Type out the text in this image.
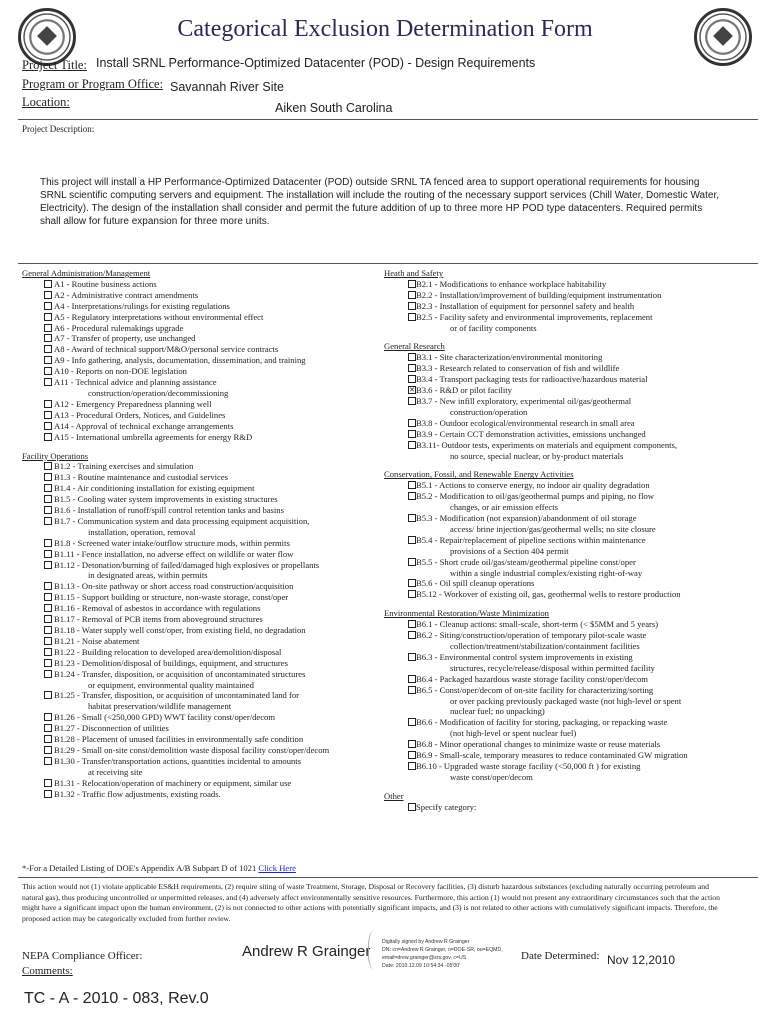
Categorical Exclusion Determination Form
Project Title: Install SRNL Performance-Optimized Datacenter (POD) - Design Requirements
Program or Program Office: Savannah River Site
Location:	Aiken South Carolina
Project Description:
This project will install a HP Performance-Optimized Datacenter (POD) outside SRNL TA fenced area to support operational requirements for housing SRNL scientific computing servers and equipment. The installation will include the routing of the necessary support services (Chill Water, Domestic Water, Electricity). The design of the installation shall consider and permit the future addition of up to three more HP POD type datacenters. Required permits shall allow for future expansion for three more units.
General Administration/Management
A1 - Routine business actions
A2 - Administrative contract amendments
A4 - Interpretations/rulings for existing regulations
A5 - Regulatory interpretations without environmental effect
A6 - Procedural rulemakings upgrade
A7 - Transfer of property, use unchanged
A8 - Award of technical support/M&O/personal service contracts
A9 - Info gathering, analysis, documentation, dissemination, and training
A10 - Reports on non-DOE legislation
A11 - Technical advice and planning assistance
construction/operation/decommissioning
A12 - Emergency Preparedness planning well
A13 - Procedural Orders, Notices, and Guidelines
A14 - Approval of technical exchange arrangements
A15 - International umbrella agreements for energy R&D
Facility Operations
B1.2 - Training exercises and simulation
B1.3 - Routine maintenance and custodial services
B1.4 - Air conditioning installation for existing equipment
B1.5 - Cooling water system improvements in existing structures
B1.6 - Installation of runoff/spill control retention tanks and basins
B1.7 - Communication system and data processing equipment acquisition,
installation, operation, removal
B1.8 - Screened water intake/outflow structure mods, within permits
B1.11 - Fence installation, no adverse effect on wildlife or water flow
B1.12 - Detonation/burning of failed/damaged high explosives or propellants
in designated areas, within permits
B1.13 - On-site pathway or short access road construction/acquisition
B1.15 - Support building or structure, non-waste storage, const/oper
B1.16 - Removal of asbestos in accordance with regulations
B1.17 - Removal of PCB items from aboveground structures
B1.18 - Water supply well const/oper, from existing field, no degradation
B1.21 - Noise abatement
B1.22 - Building relocation to developed area/demolition/disposal
B1.23 - Demolition/disposal of buildings, equipment, and structures
B1.24 - Transfer, disposition, or acquisition of uncontaminated structures
or equipment, environmental quality maintained
B1.25 - Transfer, disposition, or acquisition of uncontaminated land for
habitat preservation/wildlife management
B1.26 - Small (<250,000 GPD) WWT facility const/oper/decom
B1.27 - Disconnection of utilities
B1.28 - Placement of unused facilities in environmentally safe condition
B1.29 - Small on-site const/demolition waste disposal facility const/oper/decom
B1.30 - Transfer/transportation actions, quantities incidental to amounts
at receiving site
B1.31 - Relocation/operation of machinery or equipment, similar use
B1.32 - Traffic flow adjustments, existing roads.
Heath and Safety
B2.1 - Modifications to enhance workplace habitability
B2.2 - Installation/improvement of building/equipment instrumentation
B2.3 - Installation of equipment for personnel safety and health
B2.5 - Facility safety and environmental improvements, replacement
or of facility components
General Research
B3.1 - Site characterization/environmental monitoring
B3.3 - Research related to conservation of fish and wildlife
B3.4 - Transport packaging tests for radioactive/hazardous material
✕ B3.6 - R&D or pilot facility
B3.7 - New infill exploratory, experimental oil/gas/geothermal
construction/operation
B3.8 - Outdoor ecological/environmental research in small area
B3.9 - Certain CCT demonstration activities, emissions unchanged
B3.11- Outdoor tests, experiments on materials and equipment components,
no source, special nuclear, or by-product materials
Conservation, Fossil, and Renewable Energy Activities
B5.1 - Actions to conserve energy, no indoor air quality degradation
B5.2 - Modification to oil/gas/geothermal pumps and piping, no flow
changes, or air emission effects
B5.3 - Modification (not expansion)/abandonment of oil storage
access/ brine injection/gas/geothermal wells; no site closure
B5.4 - Repair/replacement of pipeline sections within maintenance
provisions of a Section 404 permit
B5.5 - Short crude oil/gas/steam/geothermal pipeline const/oper
within a single industrial complex/existing right-of-way
B5.6 - Oil spill cleanup operations
B5.12 - Workover of existing oil, gas, geothermal wells to restore production
Environmental Restoration/Waste Minimization
B6.1 - Cleanup actions: small-scale, short-term (< $5MM and 5 years)
B6.2 - Siting/construction/operation of temporary pilot-scale waste
collection/treatment/stabilization/containment facilities
B6.3 - Environmental control system improvements in existing
structures, recycle/release/disposal within permitted facility
B6.4 - Packaged hazardous waste storage facility const/oper/decom
B6.5 - Const/oper/decom of on-site facility for characterizing/sorting
or over packing previously packaged waste (not high-level or spent
nuclear fuel; no unpacking)
B6.6 - Modification of facility for storing, packaging, or repacking waste
(not high-level or spent nuclear fuel)
B6.8 - Minor operational changes to minimize waste or reuse materials
B6.9 - Small-scale, temporary measures to reduce contaminated GW migration
B6.10 - Upgraded waste storage facility (<50,000 ft ) for existing
waste const/oper/decom
Other
Specify category:
*-For a Detailed Listing of DOE's Appendix A/B Subpart D of 1021 Click Here
This action would not (1) violate applicable ES&H requirements, (2) require siting of waste Treatment, Storage, Disposal or Recovery facilities, (3) disturb hazardous substances (excluding naturally occurring petroleum and natural gas), thus producing uncontrolled or unpermitted releases, and (4) adversely affect environmentally sensitive resources. Furthermore, this action (1) would not present any extraordinary circumstances such that the action might have a significant impact upon the human environment, (2) is not connected to other actions with potentially significant impacts, and (3) is not related to other actions with cumulatively significant impacts. Therefore, the proposed action may be categorically excluded from further review.
NEPA Compliance Officer:
Comments:
Andrew R Grainger
Digitally signed by Andrew R Grainger
DN: cn=Andrew R Grainger, o=DOE-SR, ou=EQMD,
email=drew.grainger@srs.gov, c=US
Date: 2010.12.09 10:54:34 -05'00'
Date Determined: Nov 12,2010
TC - A - 2010 - 083, Rev.0
